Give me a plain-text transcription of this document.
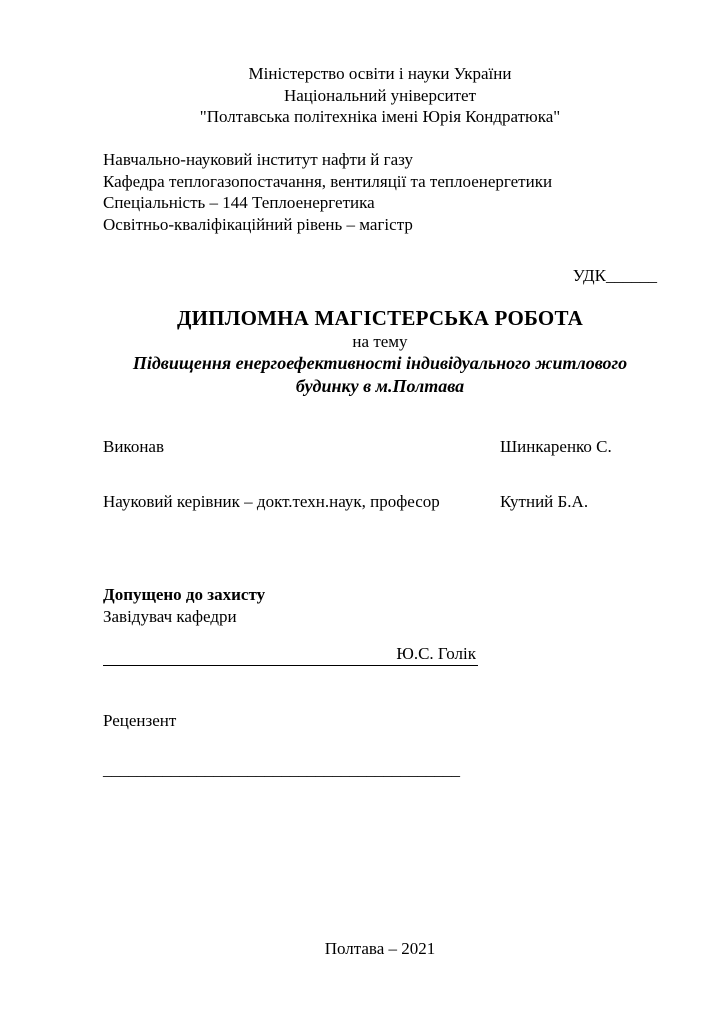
Міністерство освіти і науки України
Національний університет
"Полтавська політехніка імені Юрія Кондратюка"
Навчально-науковий інститут нафти й газу
Кафедра теплогазопостачання, вентиляції та теплоенергетики
Спеціальність – 144 Теплоенергетика
Освітньо-кваліфікаційний рівень – магістр
УДК______
ДИПЛОМНА МАГІСТЕРСЬКА РОБОТА
на тему
Підвищення енергоефективності індивідуального житлового будинку в м.Полтава
Виконав	Шинкаренко С.
Науковий керівник – докт.техн.наук, професор	Кутний Б.А.
Допущено до захисту
Завідувач кафедри
Ю.С. Голік
Рецензент
__________________________________________
Полтава – 2021
